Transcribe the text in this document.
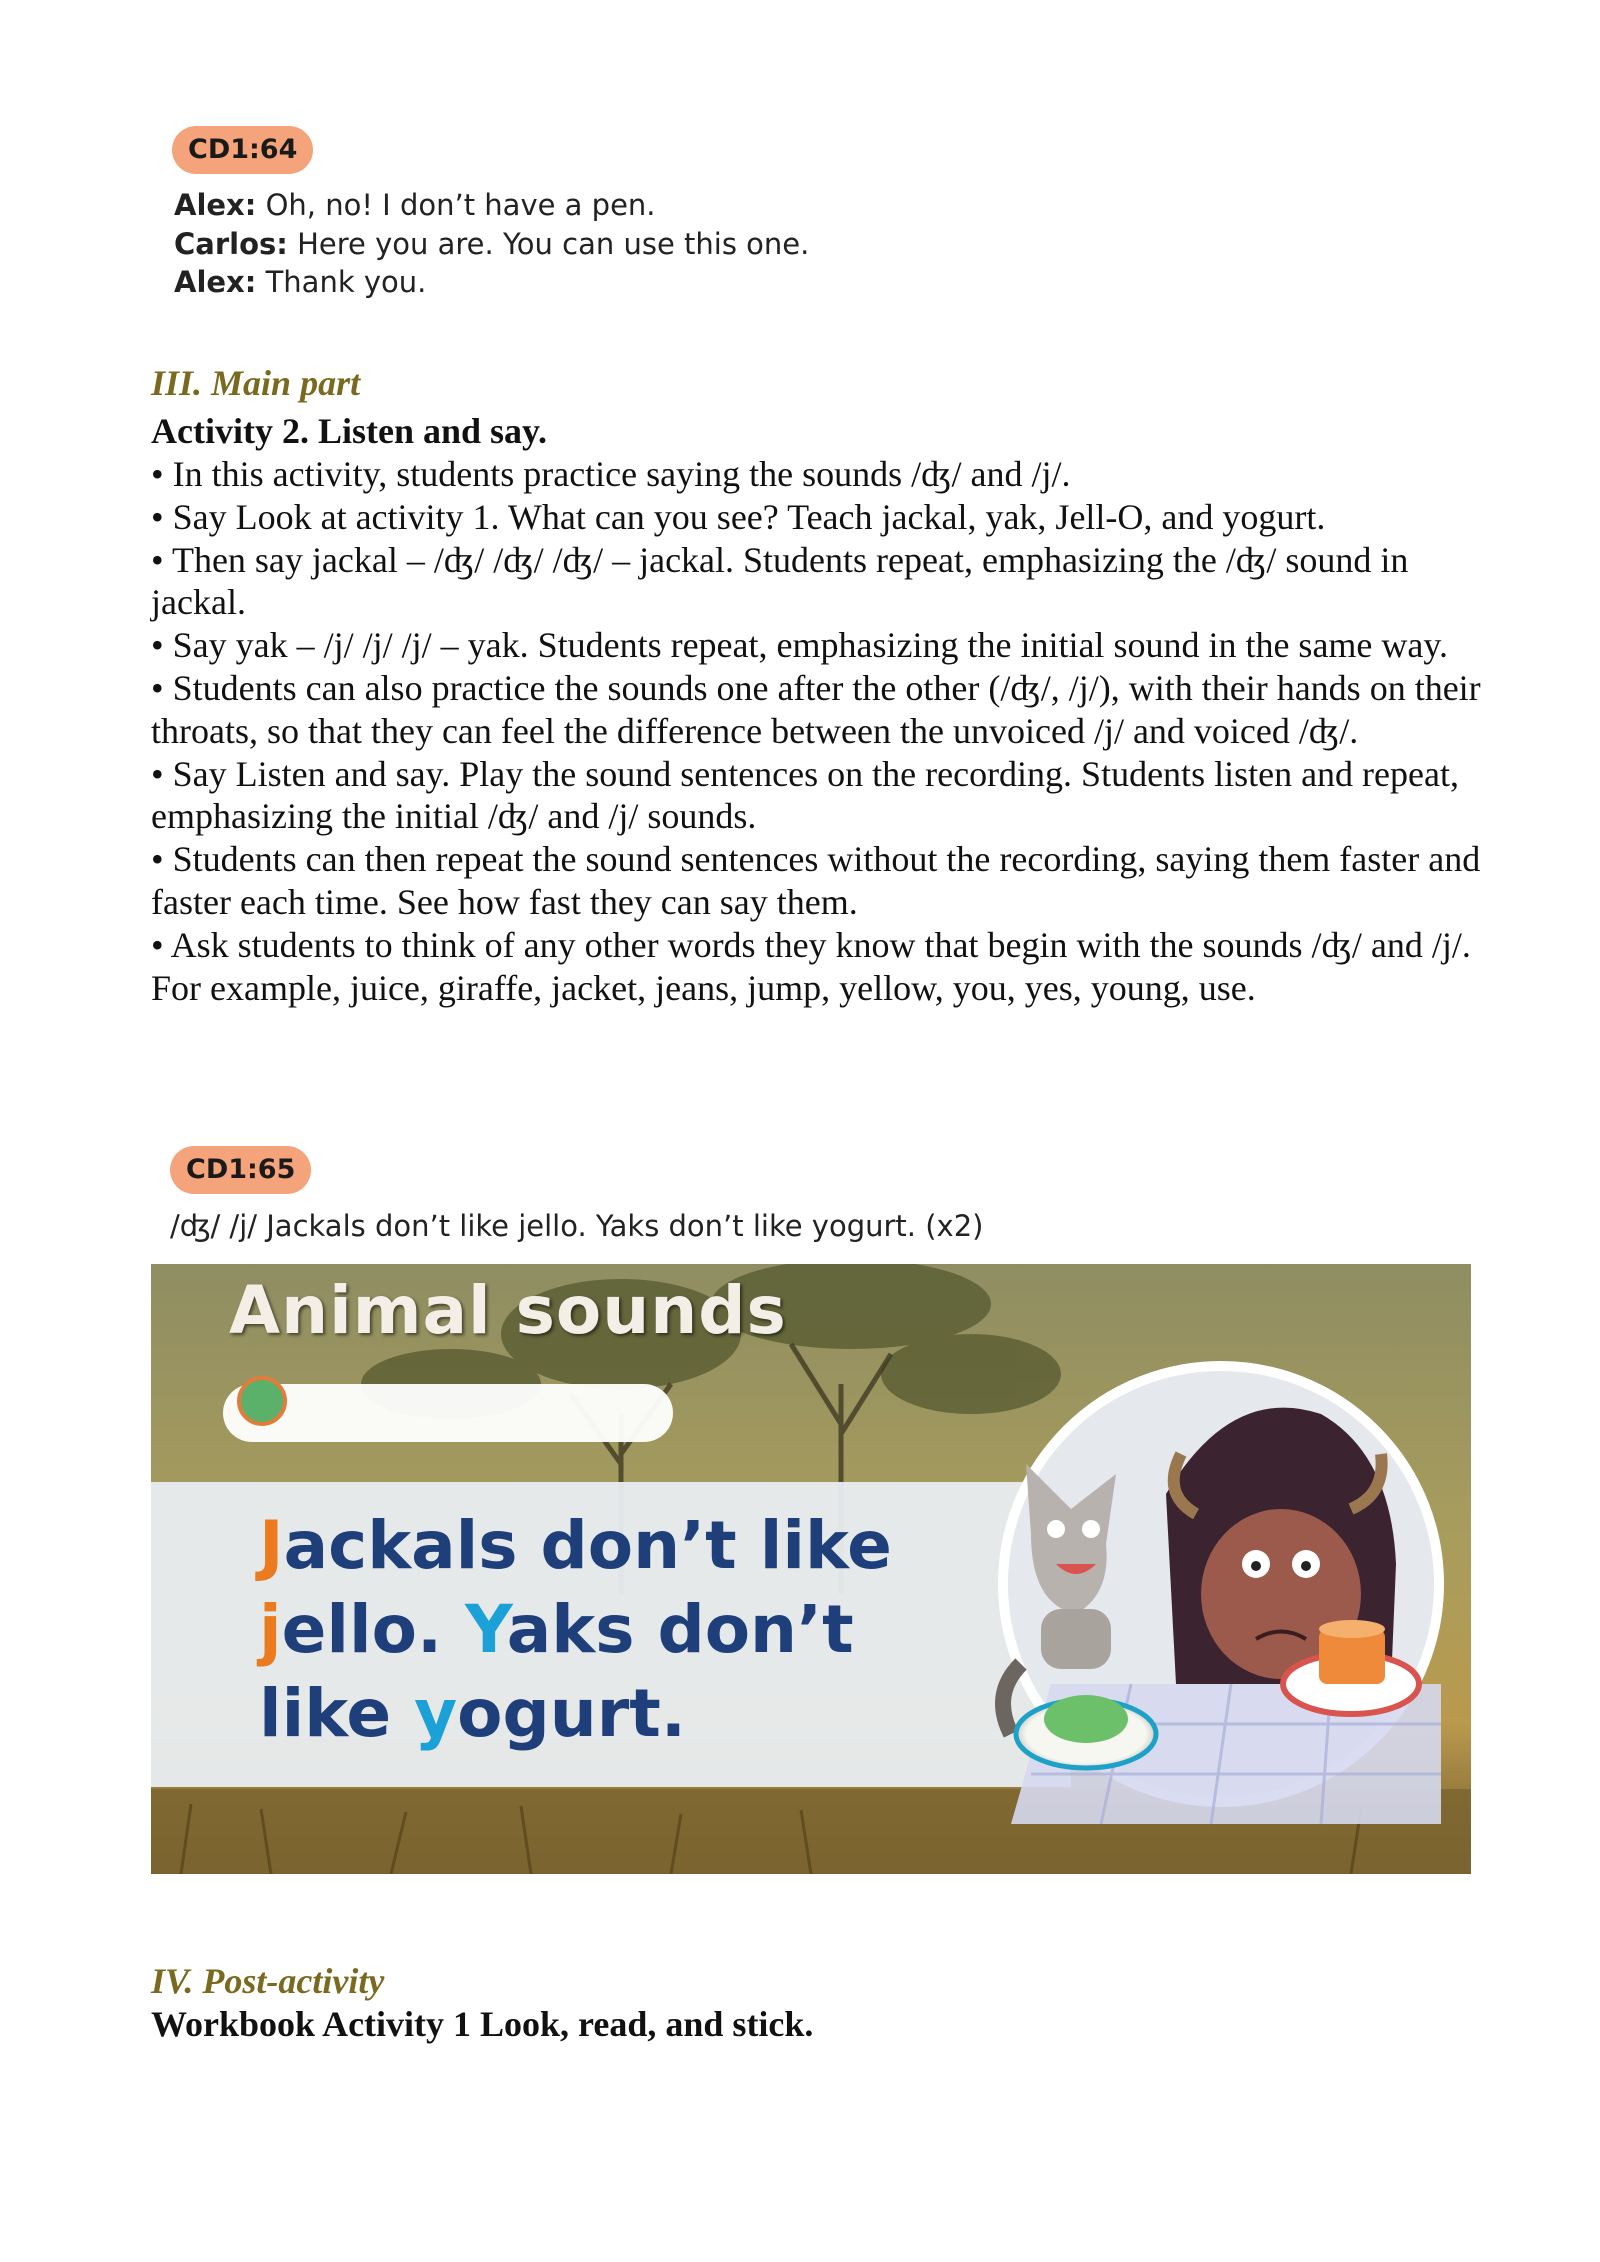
CD1:64
Alex: Oh, no! I don’t have a pen.
Carlos: Here you are. You can use this one.
Alex: Thank you.
III. Main part
Activity 2. Listen and say.

• In this activity, students practice saying the sounds /ʤ/ and /j/.

• Say Look at activity 1. What can you see? Teach jackal, yak, Jell-O, and yogurt.

• Then say jackal – /ʤ/ /ʤ/ /ʤ/ – jackal. Students repeat, emphasizing the /ʤ/ sound in jackal.

• Say yak – /j/ /j/ /j/ – yak. Students repeat, emphasizing the initial sound in the same way.

• Students can also practice the sounds one after the other (/ʤ/, /j/), with their hands on their throats, so that they can feel the difference between the unvoiced /j/ and voiced /ʤ/.

• Say Listen and say. Play the sound sentences on the recording. Students listen and repeat, emphasizing the initial /ʤ/ and /j/ sounds.

• Students can then repeat the sound sentences without the recording, saying them faster and faster each time. See how fast they can say them.

• Ask students to think of any other words they know that begin with the sounds /ʤ/ and /j/. For example, juice, giraffe, jacket, jeans, jump, yellow, you, yes, young, use.

CD1:65
/ʤ/ /j/ Jackals don’t like jello. Yaks don’t like yogurt. (x2)
Animal sounds
Jackals don’t like
jello. Yaks don’t
like yogurt.
IV. Post-activity
Workbook Activity 1 Look, read, and stick.
